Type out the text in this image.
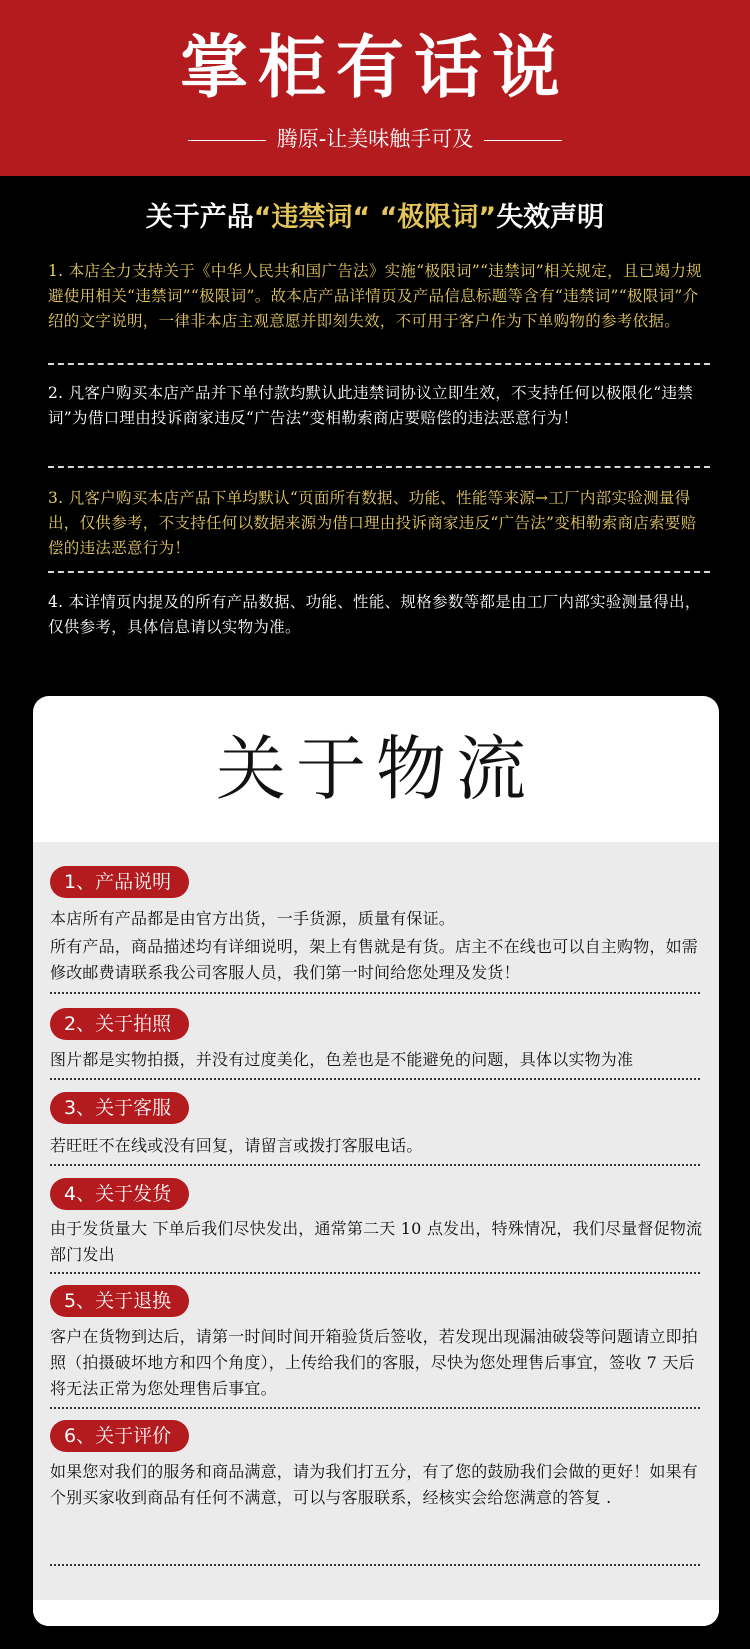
掌柜有话说
腾原-让美味触手可及
关于产品“违禁词“ “极限词”失效声明
1. 本店全力支持关于《中华人民共和国广告法》实施“极限词”“违禁词”相关规定，且已竭力规避使用相关“违禁词”“极限词”。故本店产品详情页及产品信息标题等含有“违禁词”“极限词”介绍的文字说明，一律非本店主观意愿并即刻失效，不可用于客户作为下单购物的参考依据。
2. 凡客户购买本店产品并下单付款均默认此违禁词协议立即生效，不支持任何以极限化“违禁词”为借口理由投诉商家违反“广告法”变相勒索商店要赔偿的违法恶意行为！
3. 凡客户购买本店产品下单均默认“页面所有数据、功能、性能等来源→工厂内部实验测量得出，仅供参考，不支持任何以数据来源为借口理由投诉商家违反“广告法”变相勒索商店索要赔偿的违法恶意行为！
4. 本详情页内提及的所有产品数据、功能、性能、规格参数等都是由工厂内部实验测量得出，仅供参考，具体信息请以实物为准。
关于物流
1、产品说明
本店所有产品都是由官方出货，一手货源，质量有保证。
所有产品，商品描述均有详细说明，架上有售就是有货。店主不在线也可以自主购物，如需修改邮费请联系我公司客服人员，我们第一时间给您处理及发货！
2、关于拍照
图片都是实物拍摄，并没有过度美化，色差也是不能避免的问题，具体以实物为准
3、关于客服
若旺旺不在线或没有回复，请留言或拨打客服电话。
4、关于发货
由于发货量大 下单后我们尽快发出，通常第二天 10 点发出，特殊情况，我们尽量督促物流部门发出
5、关于退换
客户在货物到达后，请第一时间时间开箱验货后签收，若发现出现漏油破袋等问题请立即拍照（拍摄破坏地方和四个角度），上传给我们的客服，尽快为您处理售后事宜，签收 7 天后将无法正常为您处理售后事宜。
6、关于评价
如果您对我们的服务和商品满意，请为我们打五分，有了您的鼓励我们会做的更好！如果有个别买家收到商品有任何不满意，可以与客服联系，经核实会给您满意的答复 .
